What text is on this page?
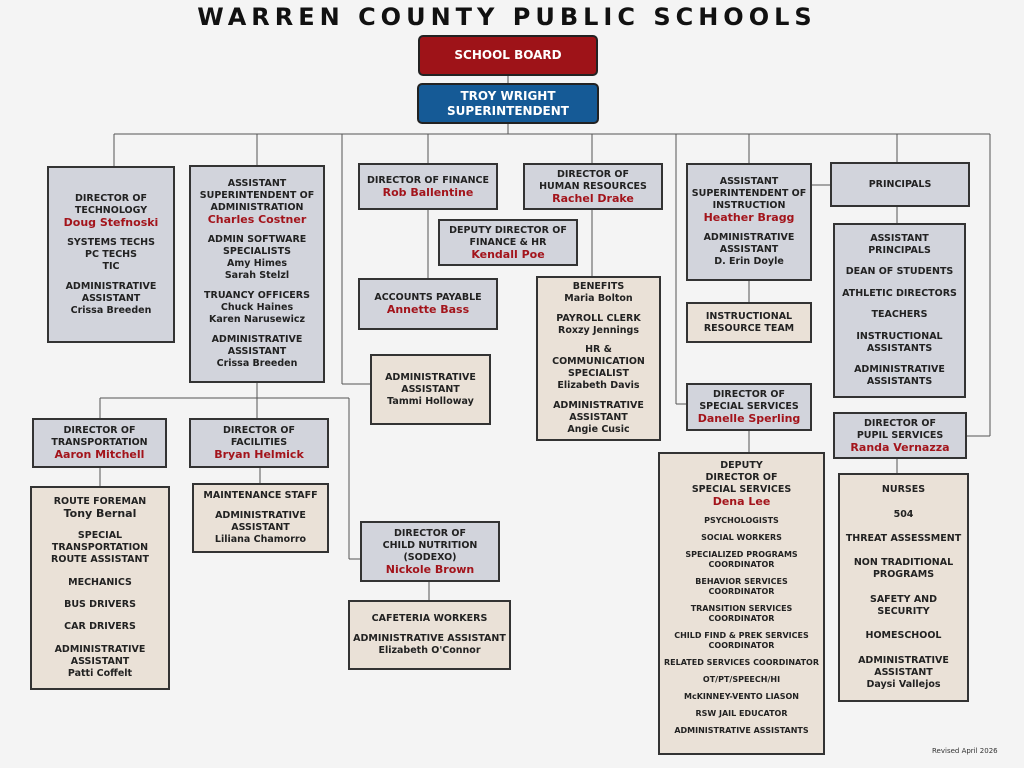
WARREN COUNTY PUBLIC SCHOOLS
SCHOOL BOARD
TROY WRIGHT
SUPERINTENDENT
DIRECTOR OF
TECHNOLOGY
Doug Stefnoski
SYSTEMS TECHS
PC TECHS
TIC
ADMINISTRATIVE
ASSISTANT
Crissa Breeden
ASSISTANT
SUPERINTENDENT OF
ADMINISTRATION
Charles Costner
ADMIN SOFTWARE
SPECIALISTS
Amy Himes
Sarah Stelzl
TRUANCY OFFICERS
Chuck Haines
Karen Narusewicz
ADMINISTRATIVE
ASSISTANT
Crissa Breeden
DIRECTOR OF FINANCE
Rob Ballentine
DIRECTOR OF
HUMAN RESOURCES
Rachel Drake
DEPUTY DIRECTOR OF
FINANCE & HR
Kendall Poe
ACCOUNTS PAYABLE
Annette Bass
BENEFITS
Maria Bolton
PAYROLL CLERK
Roxzy Jennings
HR & COMMUNICATION
SPECIALIST
Elizabeth Davis
ADMINISTRATIVE
ASSISTANT
Angie Cusic
ADMINISTRATIVE
ASSISTANT
Tammi Holloway
ASSISTANT
SUPERINTENDENT OF
INSTRUCTION
Heather Bragg
ADMINISTRATIVE
ASSISTANT
D. Erin Doyle
INSTRUCTIONAL
RESOURCE TEAM
PRINCIPALS
ASSISTANT PRINCIPALS
DEAN OF STUDENTS
ATHLETIC DIRECTORS
TEACHERS
INSTRUCTIONAL
ASSISTANTS
ADMINISTRATIVE
ASSISTANTS
DIRECTOR OF
SPECIAL SERVICES
Danelle Sperling
DEPUTY
DIRECTOR OF
SPECIAL SERVICES
Dena Lee
PSYCHOLOGISTS
SOCIAL WORKERS
SPECIALIZED PROGRAMS
COORDINATOR
BEHAVIOR SERVICES
COORDINATOR
TRANSITION SERVICES
COORDINATOR
CHILD FIND & PREK SERVICES
COORDINATOR
RELATED SERVICES COORDINATOR
OT/PT/SPEECH/HI
McKINNEY-VENTO LIASON
RSW JAIL EDUCATOR
ADMINISTRATIVE ASSISTANTS
DIRECTOR OF
PUPIL SERVICES
Randa Vernazza
NURSES
504
THREAT ASSESSMENT
NON TRADITIONAL
PROGRAMS
SAFETY AND
SECURITY
HOMESCHOOL
ADMINISTRATIVE
ASSISTANT
Daysi Vallejos
DIRECTOR OF
TRANSPORTATION
Aaron Mitchell
ROUTE FOREMAN
Tony Bernal
SPECIAL
TRANSPORTATION
ROUTE ASSISTANT
MECHANICS
BUS DRIVERS
CAR DRIVERS
ADMINISTRATIVE
ASSISTANT
Patti Coffelt
DIRECTOR OF FACILITIES
Bryan Helmick
MAINTENANCE STAFF
ADMINISTRATIVE
ASSISTANT
Liliana Chamorro
DIRECTOR OF
CHILD NUTRITION
(SODEXO)
Nickole Brown
CAFETERIA WORKERS
ADMINISTRATIVE ASSISTANT
Elizabeth O'Connor
Revised April 2026
